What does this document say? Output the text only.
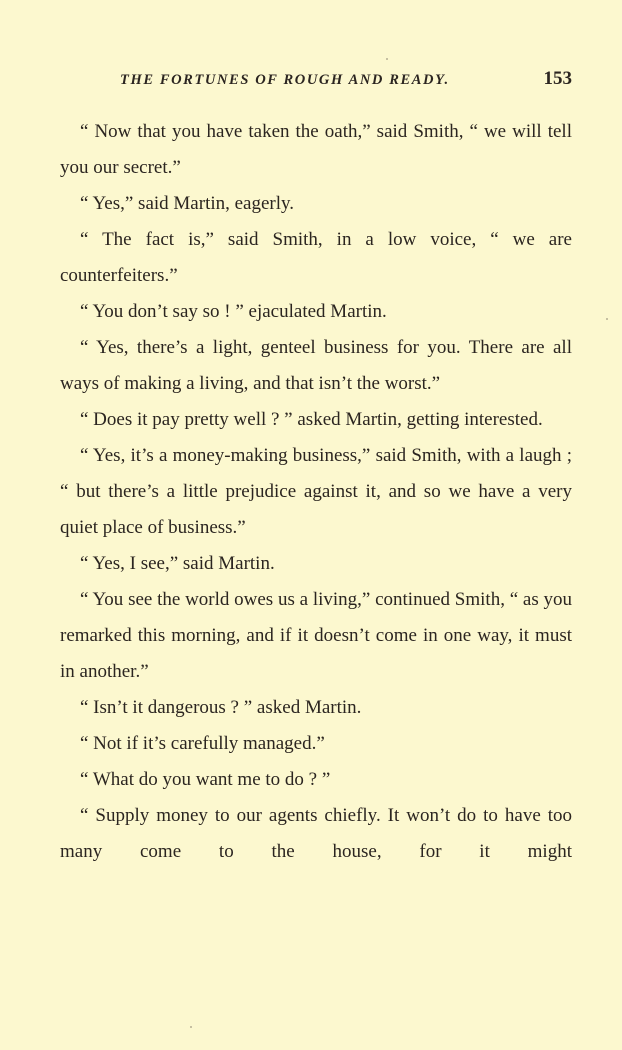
THE FORTUNES OF ROUGH AND READY.	153

“ Now that you have taken the oath,” said Smith, “ we will tell you our secret.”

“ Yes,” said Martin, eagerly.

“ The fact is,” said Smith, in a low voice, “ we are counterfeiters.”

“ You don’t say so ! ” ejaculated Martin.

“ Yes, there’s a light, genteel business for you. There are all ways of making a living, and that isn’t the worst.”

“ Does it pay pretty well ? ” asked Martin, getting interested.

“ Yes, it’s a money-making business,” said Smith, with a laugh ; “ but there’s a little prejudice against it, and so we have a very quiet place of business.”

“ Yes, I see,” said Martin.

“ You see the world owes us a living,” continued Smith, “ as you remarked this morning, and if it doesn’t come in one way, it must in another.”

“ Isn’t it dangerous ? ” asked Martin.

“ Not if it’s carefully managed.”

“ What do you want me to do ? ”

“ Supply money to our agents chiefly. It won’t do to have too many come to the house, for it might
